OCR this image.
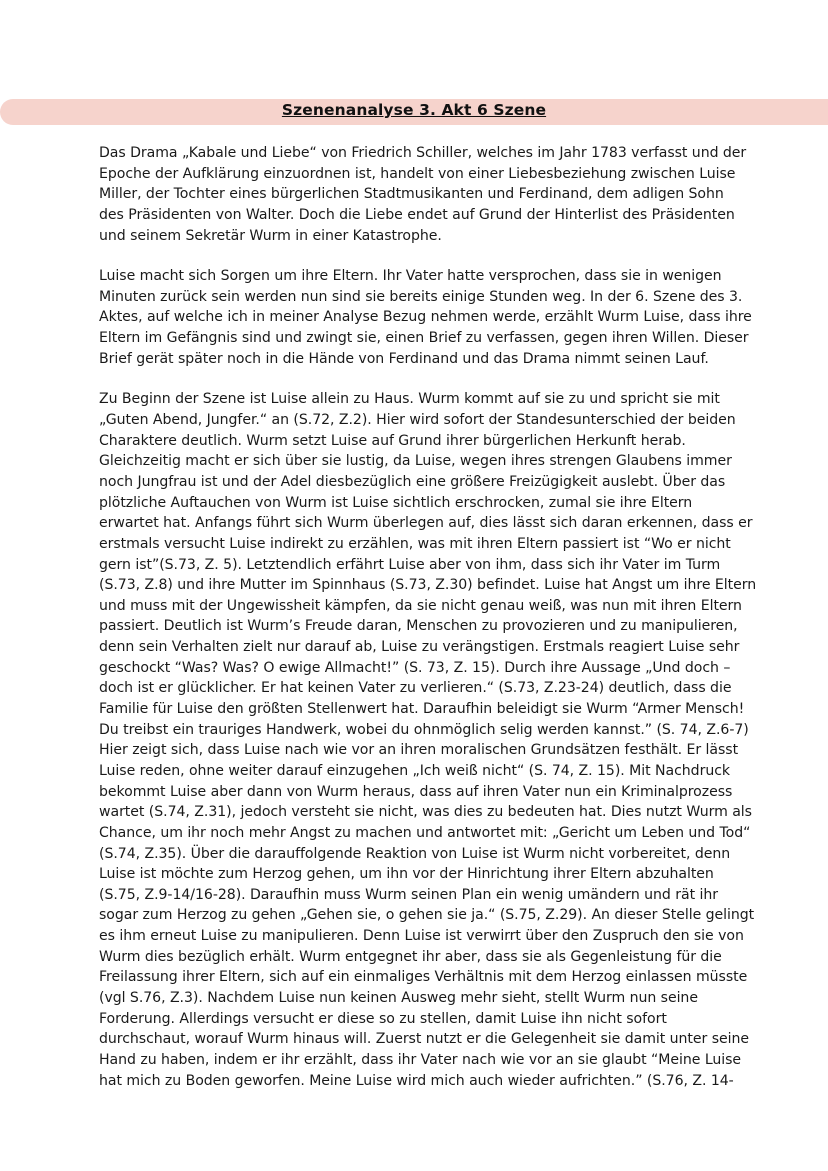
Szenenanalyse 3. Akt 6 Szene
Das Drama „Kabale und Liebe“ von Friedrich Schiller, welches im Jahr 1783 verfasst und der
Epoche der Aufklärung einzuordnen ist, handelt von einer Liebesbeziehung zwischen Luise
Miller, der Tochter eines bürgerlichen Stadtmusikanten und Ferdinand, dem adligen Sohn
des Präsidenten von Walter. Doch die Liebe endet auf Grund der Hinterlist des Präsidenten
und seinem Sekretär Wurm in einer Katastrophe.
Luise macht sich Sorgen um ihre Eltern. Ihr Vater hatte versprochen, dass sie in wenigen
Minuten zurück sein werden nun sind sie bereits einige Stunden weg. In der 6. Szene des 3.
Aktes, auf welche ich in meiner Analyse Bezug nehmen werde, erzählt Wurm Luise, dass ihre
Eltern im Gefängnis sind und zwingt sie, einen Brief zu verfassen, gegen ihren Willen. Dieser
Brief gerät später noch in die Hände von Ferdinand und das Drama nimmt seinen Lauf.
Zu Beginn der Szene ist Luise allein zu Haus. Wurm kommt auf sie zu und spricht sie mit
„Guten Abend, Jungfer.“ an (S.72, Z.2). Hier wird sofort der Standesunterschied der beiden
Charaktere deutlich. Wurm setzt Luise auf Grund ihrer bürgerlichen Herkunft herab.
Gleichzeitig macht er sich über sie lustig, da Luise, wegen ihres strengen Glaubens immer
noch Jungfrau ist und der Adel diesbezüglich eine größere Freizügigkeit auslebt. Über das
plötzliche Auftauchen von Wurm ist Luise sichtlich erschrocken, zumal sie ihre Eltern
erwartet hat. Anfangs führt sich Wurm überlegen auf, dies lässt sich daran erkennen, dass er
erstmals versucht Luise indirekt zu erzählen, was mit ihren Eltern passiert ist “Wo er nicht
gern ist”(S.73, Z. 5). Letztendlich erfährt Luise aber von ihm, dass sich ihr Vater im Turm
(S.73, Z.8) und ihre Mutter im Spinnhaus (S.73, Z.30) befindet. Luise hat Angst um ihre Eltern
und muss mit der Ungewissheit kämpfen, da sie nicht genau weiß, was nun mit ihren Eltern
passiert. Deutlich ist Wurm’s Freude daran, Menschen zu provozieren und zu manipulieren,
denn sein Verhalten zielt nur darauf ab, Luise zu verängstigen. Erstmals reagiert Luise sehr
geschockt “Was? Was? O ewige Allmacht!” (S. 73, Z. 15). Durch ihre Aussage „Und doch –
doch ist er glücklicher. Er hat keinen Vater zu verlieren.“ (S.73, Z.23-24) deutlich, dass die
Familie für Luise den größten Stellenwert hat. Daraufhin beleidigt sie Wurm “Armer Mensch!
Du treibst ein trauriges Handwerk, wobei du ohnmöglich selig werden kannst.” (S. 74, Z.6-7)
Hier zeigt sich, dass Luise nach wie vor an ihren moralischen Grundsätzen festhält. Er lässt
Luise reden, ohne weiter darauf einzugehen „Ich weiß nicht“ (S. 74, Z. 15). Mit Nachdruck
bekommt Luise aber dann von Wurm heraus, dass auf ihren Vater nun ein Kriminalprozess
wartet (S.74, Z.31), jedoch versteht sie nicht, was dies zu bedeuten hat. Dies nutzt Wurm als
Chance, um ihr noch mehr Angst zu machen und antwortet mit: „Gericht um Leben und Tod“
(S.74, Z.35). Über die darauffolgende Reaktion von Luise ist Wurm nicht vorbereitet, denn
Luise ist möchte zum Herzog gehen, um ihn vor der Hinrichtung ihrer Eltern abzuhalten
(S.75, Z.9-14/16-28). Daraufhin muss Wurm seinen Plan ein wenig umändern und rät ihr
sogar zum Herzog zu gehen „Gehen sie, o gehen sie ja.“ (S.75, Z.29). An dieser Stelle gelingt
es ihm erneut Luise zu manipulieren. Denn Luise ist verwirrt über den Zuspruch den sie von
Wurm dies bezüglich erhält. Wurm entgegnet ihr aber, dass sie als Gegenleistung für die
Freilassung ihrer Eltern, sich auf ein einmaliges Verhältnis mit dem Herzog einlassen müsste
(vgl S.76, Z.3). Nachdem Luise nun keinen Ausweg mehr sieht, stellt Wurm nun seine
Forderung. Allerdings versucht er diese so zu stellen, damit Luise ihn nicht sofort
durchschaut, worauf Wurm hinaus will. Zuerst nutzt er die Gelegenheit sie damit unter seine
Hand zu haben, indem er ihr erzählt, dass ihr Vater nach wie vor an sie glaubt “Meine Luise
hat mich zu Boden geworfen. Meine Luise wird mich auch wieder aufrichten.” (S.76, Z. 14-
